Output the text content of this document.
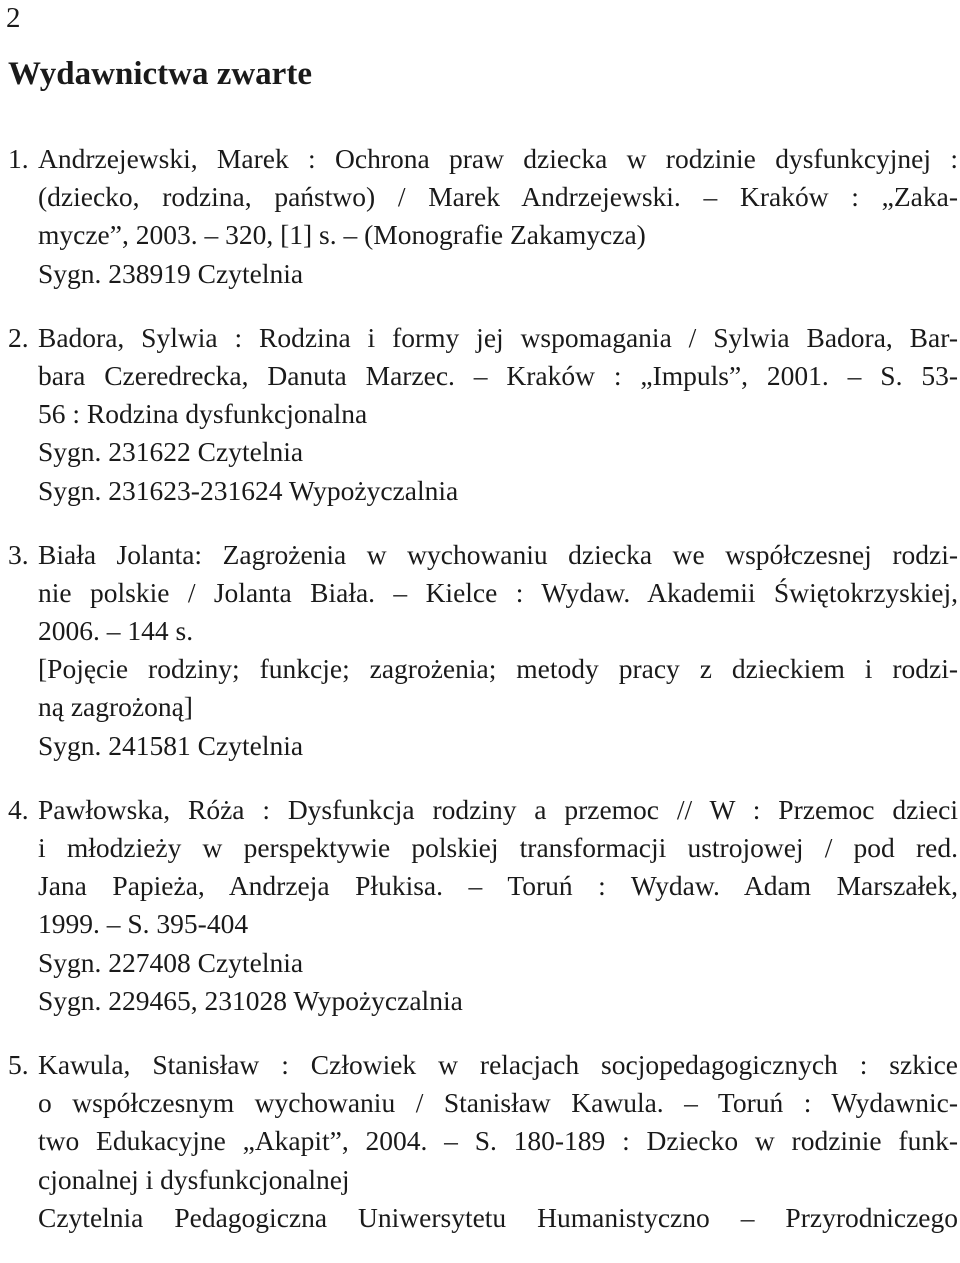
2
Wydawnictwa zwarte
1. Andrzejewski, Marek : Ochrona praw dziecka w rodzinie dysfunkcyjnej :
(dziecko, rodzina, państwo) / Marek Andrzejewski. – Kraków : „Zaka-
mycze”, 2003. – 320, [1] s. – (Monografie Zakamycza)
Sygn. 238919 Czytelnia
2. Badora, Sylwia : Rodzina i formy jej wspomagania / Sylwia Badora, Bar-
bara Czeredrecka, Danuta Marzec. – Kraków : „Impuls”, 2001. – S. 53-
56 : Rodzina dysfunkcjonalna
Sygn. 231622 Czytelnia
Sygn. 231623-231624 Wypożyczalnia
3. Biała Jolanta: Zagrożenia w wychowaniu dziecka we współczesnej rodzi-
nie polskie / Jolanta Biała. – Kielce : Wydaw. Akademii Świętokrzyskiej,
2006. – 144 s.
[Pojęcie rodziny; funkcje; zagrożenia; metody pracy z dzieckiem i rodzi-
ną zagrożoną]
Sygn. 241581 Czytelnia
4. Pawłowska, Róża : Dysfunkcja rodziny a przemoc // W : Przemoc dzieci
i młodzieży w perspektywie polskiej transformacji ustrojowej / pod red.
Jana Papieża, Andrzeja Płukisa. – Toruń : Wydaw. Adam Marszałek,
1999. – S. 395-404
Sygn. 227408 Czytelnia
Sygn. 229465, 231028 Wypożyczalnia
5. Kawula, Stanisław : Człowiek w relacjach socjopedagogicznych : szkice
o współczesnym wychowaniu / Stanisław Kawula. – Toruń : Wydawnic-
two Edukacyjne „Akapit”, 2004. – S. 180-189 : Dziecko w rodzinie funk-
cjonalnej i dysfunkcjonalnej
Czytelnia Pedagogiczna Uniwersytetu Humanistyczno – Przyrodniczego
